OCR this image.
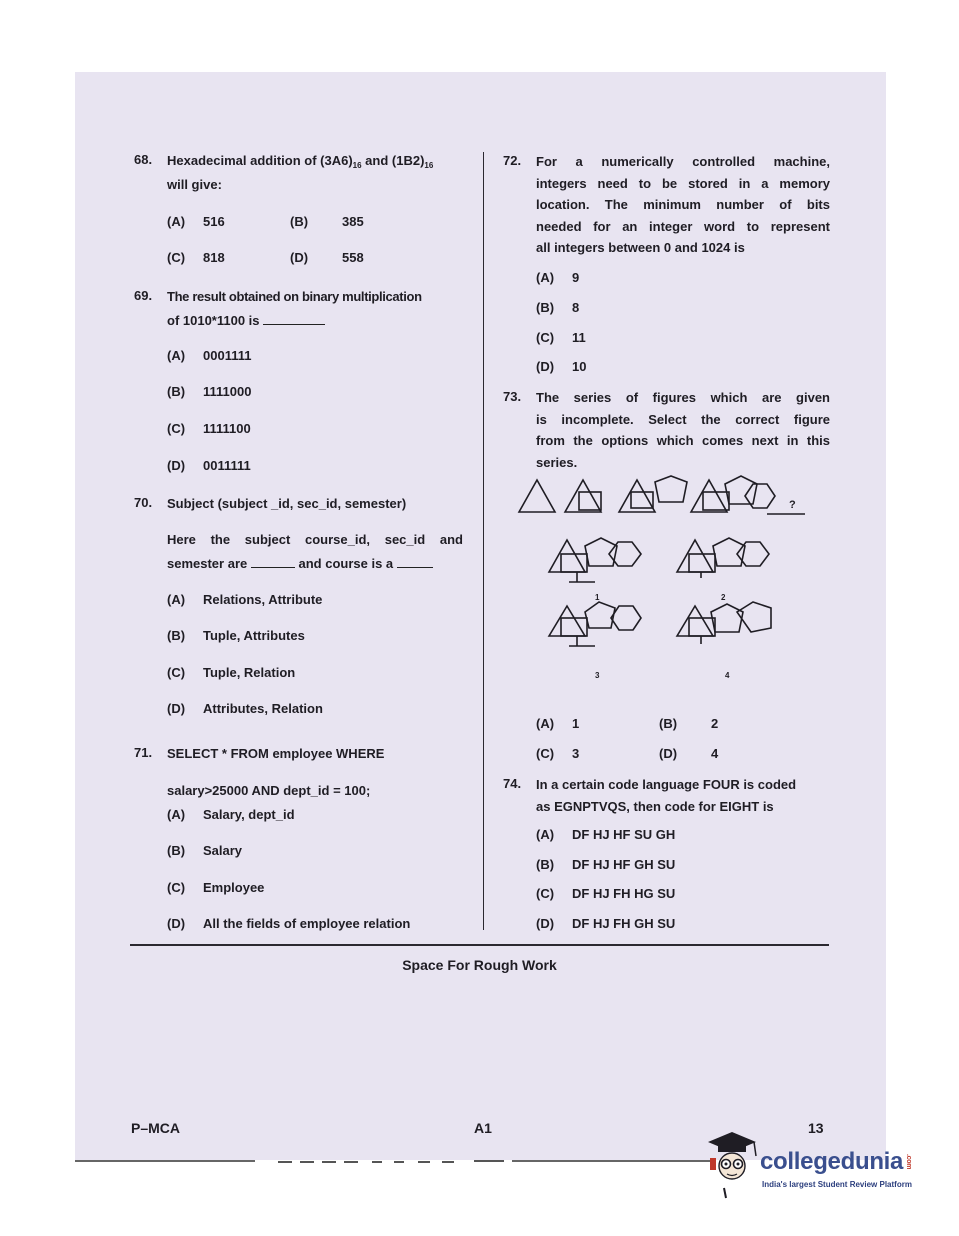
68. Hexadecimal addition of $(3A6)_{16}$ and $(1B2)_{16}$
will give:
(A) 516	(B)	385
(C) 818	(D)	558
69. The result obtained on binary multiplication
of 1010*1100 is
(A) 0001111
(B) 1111000
(C) 1111100
(D) 0011111
70. Subject (subject _id, sec_id, semester)
Here the subject course_id, sec_id and
semester are	and course is a
(A) Relations, Attribute
(B) Tuple, Attributes
(C) Tuple, Relation
(D) Attributes, Relation
71. SELECT * FROM employee WHERE
salary>25000 AND dept_id = 100;
(A) Salary, dept_id
(B) Salary
(C) Employee
(D) All the fields of employee relation
72. For a numerically controlled machine,
integers need to be stored in a memory
location. The minimum number of bits
needed for an integer word to represent
all integers between 0 and 1024 is
(A) 9
(B) 8
(C) 11
(D) 10
73. The series of figures which are given
is incomplete. Select the correct figure
from the options which comes next in this
series.
?
1	2
3	4
(A) 1	(B)	2
(C) 3	(D)	4
74. In a certain code language FOUR is coded
as EGNPTVQS, then code for EIGHT is
(A) DF HJ HF SU GH
(B) DF HJ HF GH SU
(C) DF HJ FH HG SU
(D) DF HJ FH GH SU
Space For Rough Work
P–MCA	A1	13
collegedunia .com
India's largest Student Review Platform
